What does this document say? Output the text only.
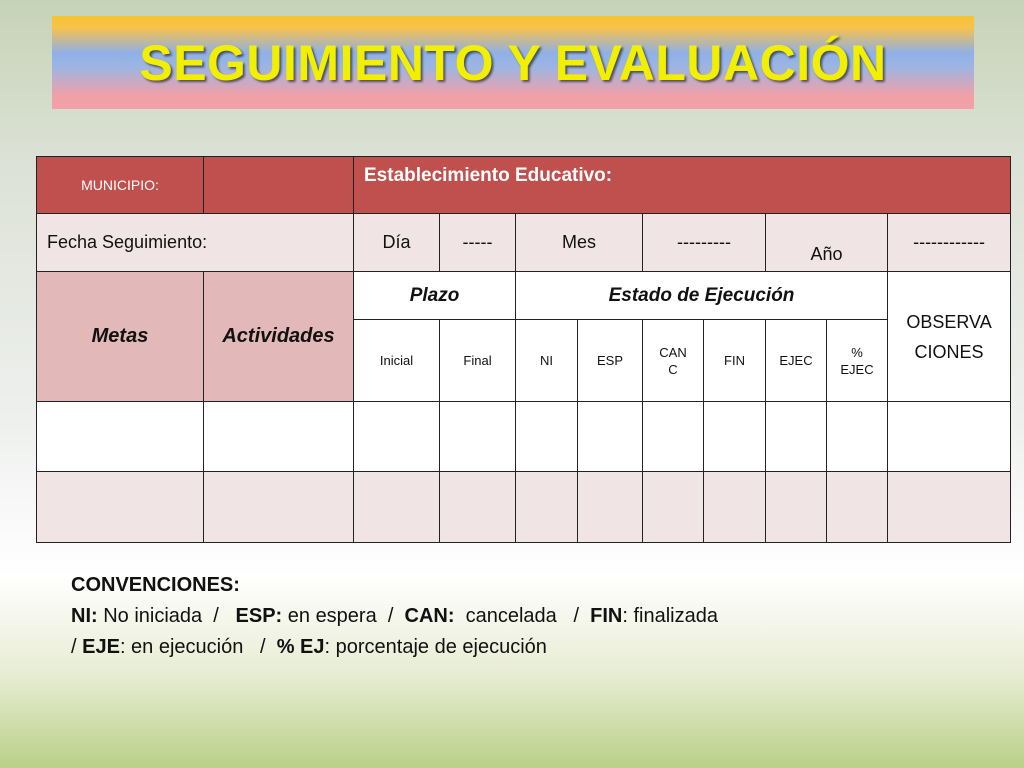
SEGUIMIENTO Y EVALUACIÓN
MUNICIPIO:		Establecimiento Educativo:								
Fecha Seguimiento:		Día	-----	Mes		---------		Año		------------
Metas	Actividades	Plazo		Estado de Ejecución						OBSERVA CIONES
		Inicial	Final	NI	ESP	CAN C	FIN	EJEC	% EJEC	

CONVENCIONES:
NI: No iniciada  /   ESP: en espera  /  CAN:  cancelada   /  FIN: finalizada
/ EJE: en ejecución   /  % EJ: porcentaje de ejecución
